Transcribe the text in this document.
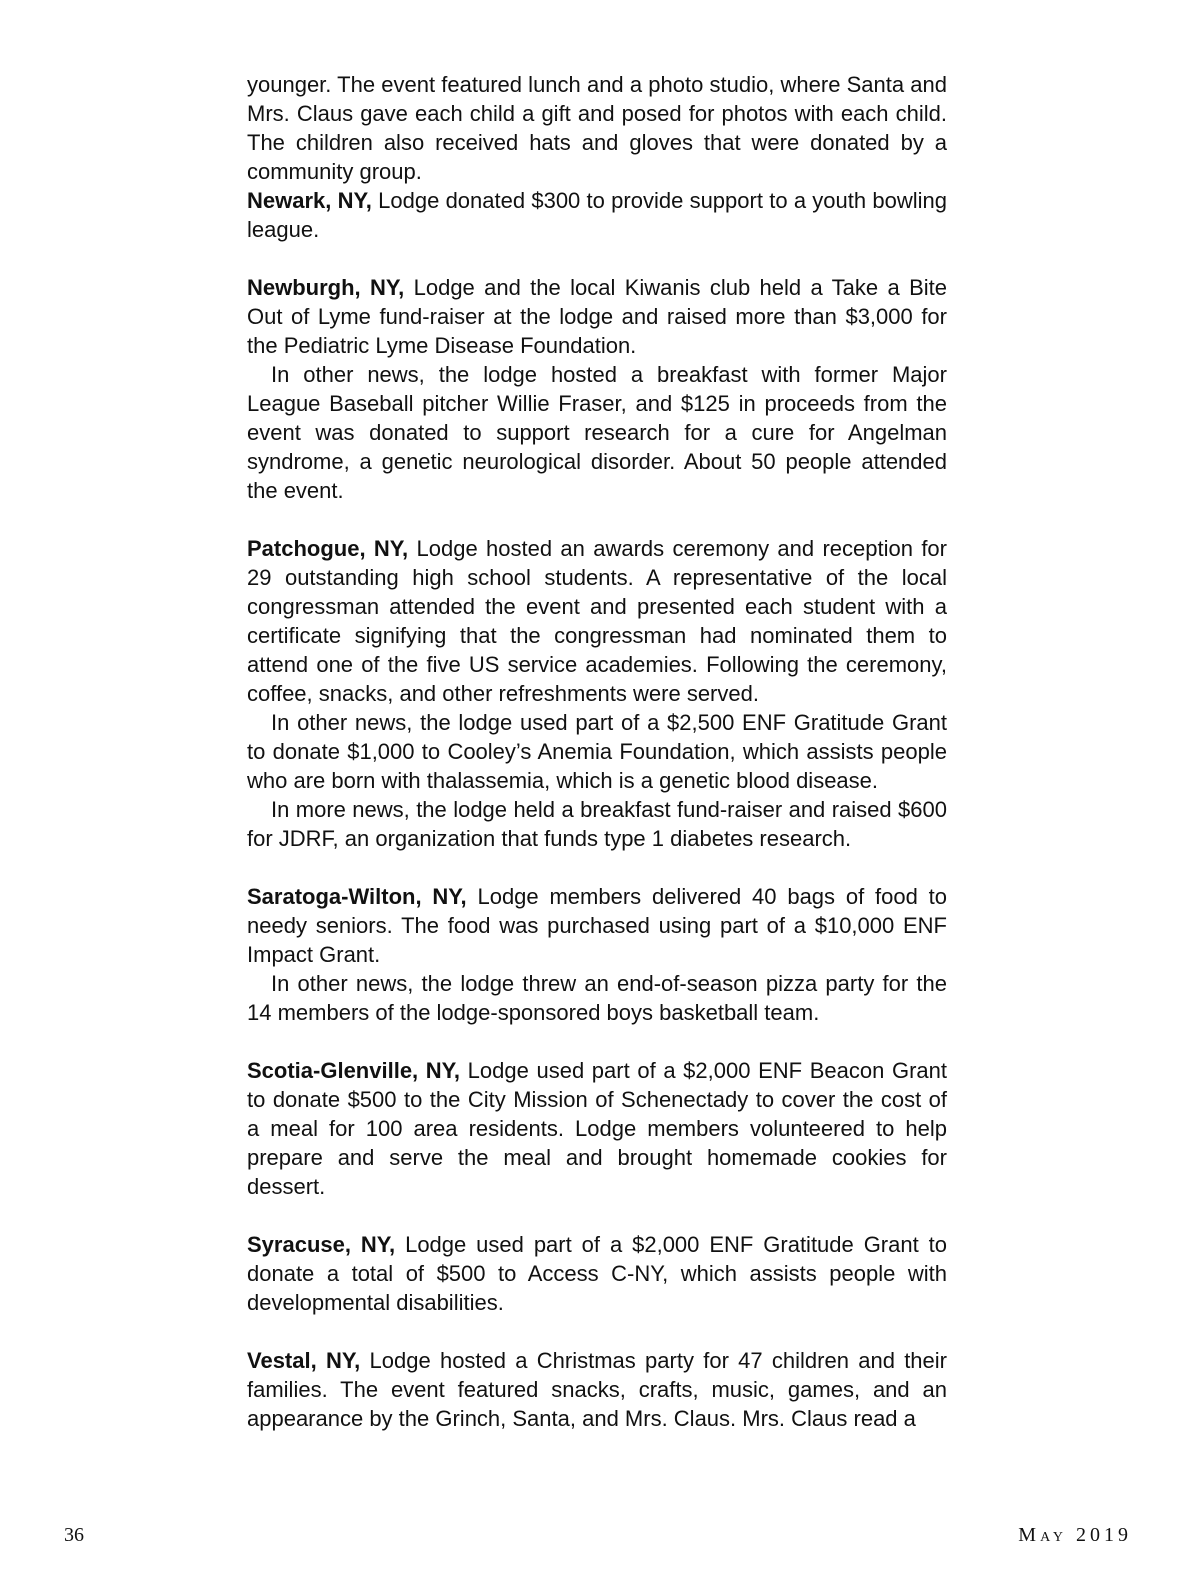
younger. The event featured lunch and a photo studio, where Santa and Mrs. Claus gave each child a gift and posed for photos with each child. The children also received hats and gloves that were donated by a community group.

Newark, NY, Lodge donated $300 to provide support to a youth bowling league.

Newburgh, NY, Lodge and the local Kiwanis club held a Take a Bite Out of Lyme fund-raiser at the lodge and raised more than $3,000 for the Pediatric Lyme Disease Foundation.

In other news, the lodge hosted a breakfast with former Major League Baseball pitcher Willie Fraser, and $125 in proceeds from the event was donated to support research for a cure for Angelman syndrome, a genetic neurological disorder. About 50 people attended the event.

Patchogue, NY, Lodge hosted an awards ceremony and reception for 29 outstanding high school students. A representative of the local congressman attended the event and presented each student with a certificate signifying that the congressman had nominated them to attend one of the five US service academies. Following the ceremony, coffee, snacks, and other refreshments were served.

In other news, the lodge used part of a $2,500 ENF Gratitude Grant to donate $1,000 to Cooley’s Anemia Foundation, which assists people who are born with thalassemia, which is a genetic blood disease.

In more news, the lodge held a breakfast fund-raiser and raised $600 for JDRF, an organization that funds type 1 diabetes research.

Saratoga-Wilton, NY, Lodge members delivered 40 bags of food to needy seniors. The food was purchased using part of a $10,000 ENF Impact Grant.

In other news, the lodge threw an end-of-season pizza party for the 14 members of the lodge-sponsored boys basketball team.

Scotia-Glenville, NY, Lodge used part of a $2,000 ENF Beacon Grant to donate $500 to the City Mission of Schenectady to cover the cost of a meal for 100 area residents. Lodge members volunteered to help prepare and serve the meal and brought homemade cookies for dessert.

Syracuse, NY, Lodge used part of a $2,000 ENF Gratitude Grant to donate a total of $500 to Access C-NY, which assists people with developmental disabilities.

Vestal, NY, Lodge hosted a Christmas party for 47 children and their families. The event featured snacks, crafts, music, games, and an appearance by the Grinch, Santa, and Mrs. Claus. Mrs. Claus read a

36	May 2019
